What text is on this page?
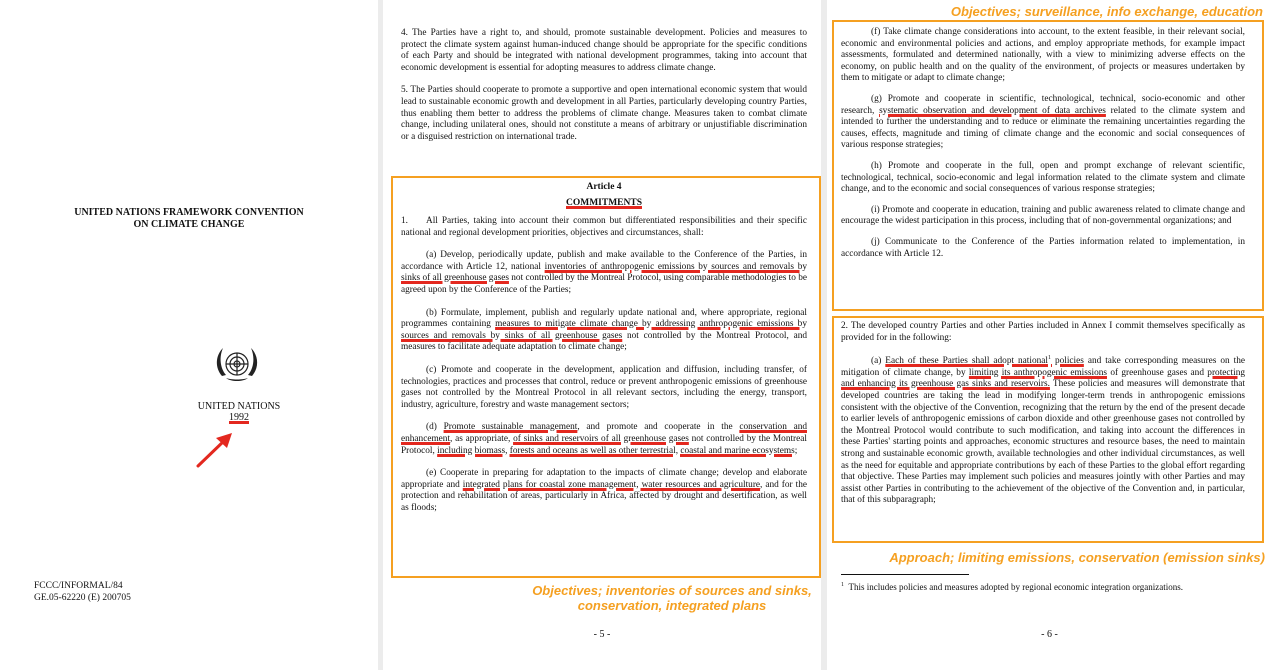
UNITED NATIONS FRAMEWORK CONVENTION
ON CLIMATE CHANGE
UNITED NATIONS
1992
FCCC/INFORMAL/84
GE.05-62220 (E) 200705

4. The Parties have a right to, and should, promote sustainable development. Policies and measures to protect the climate system against human-induced change should be appropriate for the specific conditions of each Party and should be integrated with national development programmes, taking into account that economic development is essential for adopting measures to address climate change.

5. The Parties should cooperate to promote a supportive and open international economic system that would lead to sustainable economic growth and development in all Parties, particularly developing country Parties, thus enabling them better to address the problems of climate change. Measures taken to combat climate change, including unilateral ones, should not constitute a means of arbitrary or unjustifiable discrimination or a disguised restriction on international trade.

Article 4
COMMITMENTS

1. All Parties, taking into account their common but differentiated responsibilities and their specific national and regional development priorities, objectives and circumstances, shall:

(a) Develop, periodically update, publish and make available to the Conference of the Parties, in accordance with Article 12, national inventories of anthropogenic emissions by sources and removals by sinks of all greenhouse gases not controlled by the Montreal Protocol, using comparable methodologies to be agreed upon by the Conference of the Parties;

(b) Formulate, implement, publish and regularly update national and, where appropriate, regional programmes containing measures to mitigate climate change by addressing anthropogenic emissions by sources and removals by sinks of all greenhouse gases not controlled by the Montreal Protocol, and measures to facilitate adequate adaptation to climate change;

(c) Promote and cooperate in the development, application and diffusion, including transfer, of technologies, practices and processes that control, reduce or prevent anthropogenic emissions of greenhouse gases not controlled by the Montreal Protocol in all relevant sectors, including the energy, transport, industry, agriculture, forestry and waste management sectors;

(d) Promote sustainable management, and promote and cooperate in the conservation and enhancement, as appropriate, of sinks and reservoirs of all greenhouse gases not controlled by the Montreal Protocol, including biomass, forests and oceans as well as other terrestrial, coastal and marine ecosystems;

(e) Cooperate in preparing for adaptation to the impacts of climate change; develop and elaborate appropriate and integrated plans for coastal zone management, water resources and agriculture, and for the protection and rehabilitation of areas, particularly in Africa, affected by drought and desertification, as well as floods;

Objectives; inventories of sources and sinks,
conservation, integrated plans
- 5 -
Objectives; surveillance, info exchange, education

(f) Take climate change considerations into account, to the extent feasible, in their relevant social, economic and environmental policies and actions, and employ appropriate methods, for example impact assessments, formulated and determined nationally, with a view to minimizing adverse effects on the economy, on public health and on the quality of the environment, of projects or measures undertaken by them to mitigate or adapt to climate change;

(g) Promote and cooperate in scientific, technological, technical, socio-economic and other research, systematic observation and development of data archives related to the climate system and intended to further the understanding and to reduce or eliminate the remaining uncertainties regarding the causes, effects, magnitude and timing of climate change and the economic and social consequences of various response strategies;

(h) Promote and cooperate in the full, open and prompt exchange of relevant scientific, technological, technical, socio-economic and legal information related to the climate system and climate change, and to the economic and social consequences of various response strategies;

(i) Promote and cooperate in education, training and public awareness related to climate change and encourage the widest participation in this process, including that of non-governmental organizations; and

(j) Communicate to the Conference of the Parties information related to implementation, in accordance with Article 12.

2. The developed country Parties and other Parties included in Annex I commit themselves specifically as provided for in the following:

(a) Each of these Parties shall adopt national$^1$ policies and take corresponding measures on the mitigation of climate change, by limiting its anthropogenic emissions of greenhouse gases and protecting and enhancing its greenhouse gas sinks and reservoirs. These policies and measures will demonstrate that developed countries are taking the lead in modifying longer-term trends in anthropogenic emissions consistent with the objective of the Convention, recognizing that the return by the end of the present decade to earlier levels of anthropogenic emissions of carbon dioxide and other greenhouse gases not controlled by the Montreal Protocol would contribute to such modification, and taking into account the differences in these Parties' starting points and approaches, economic structures and resource bases, the need to maintain strong and sustainable economic growth, available technologies and other individual circumstances, as well as the need for equitable and appropriate contributions by each of these Parties to the global effort regarding that objective. These Parties may implement such policies and measures jointly with other Parties and may assist other Parties in contributing to the achievement of the objective of the Convention and, in particular, that of this subparagraph;

Approach; limiting emissions, conservation (emission sinks)
$^1$ This includes policies and measures adopted by regional economic integration organizations.
- 6 -
